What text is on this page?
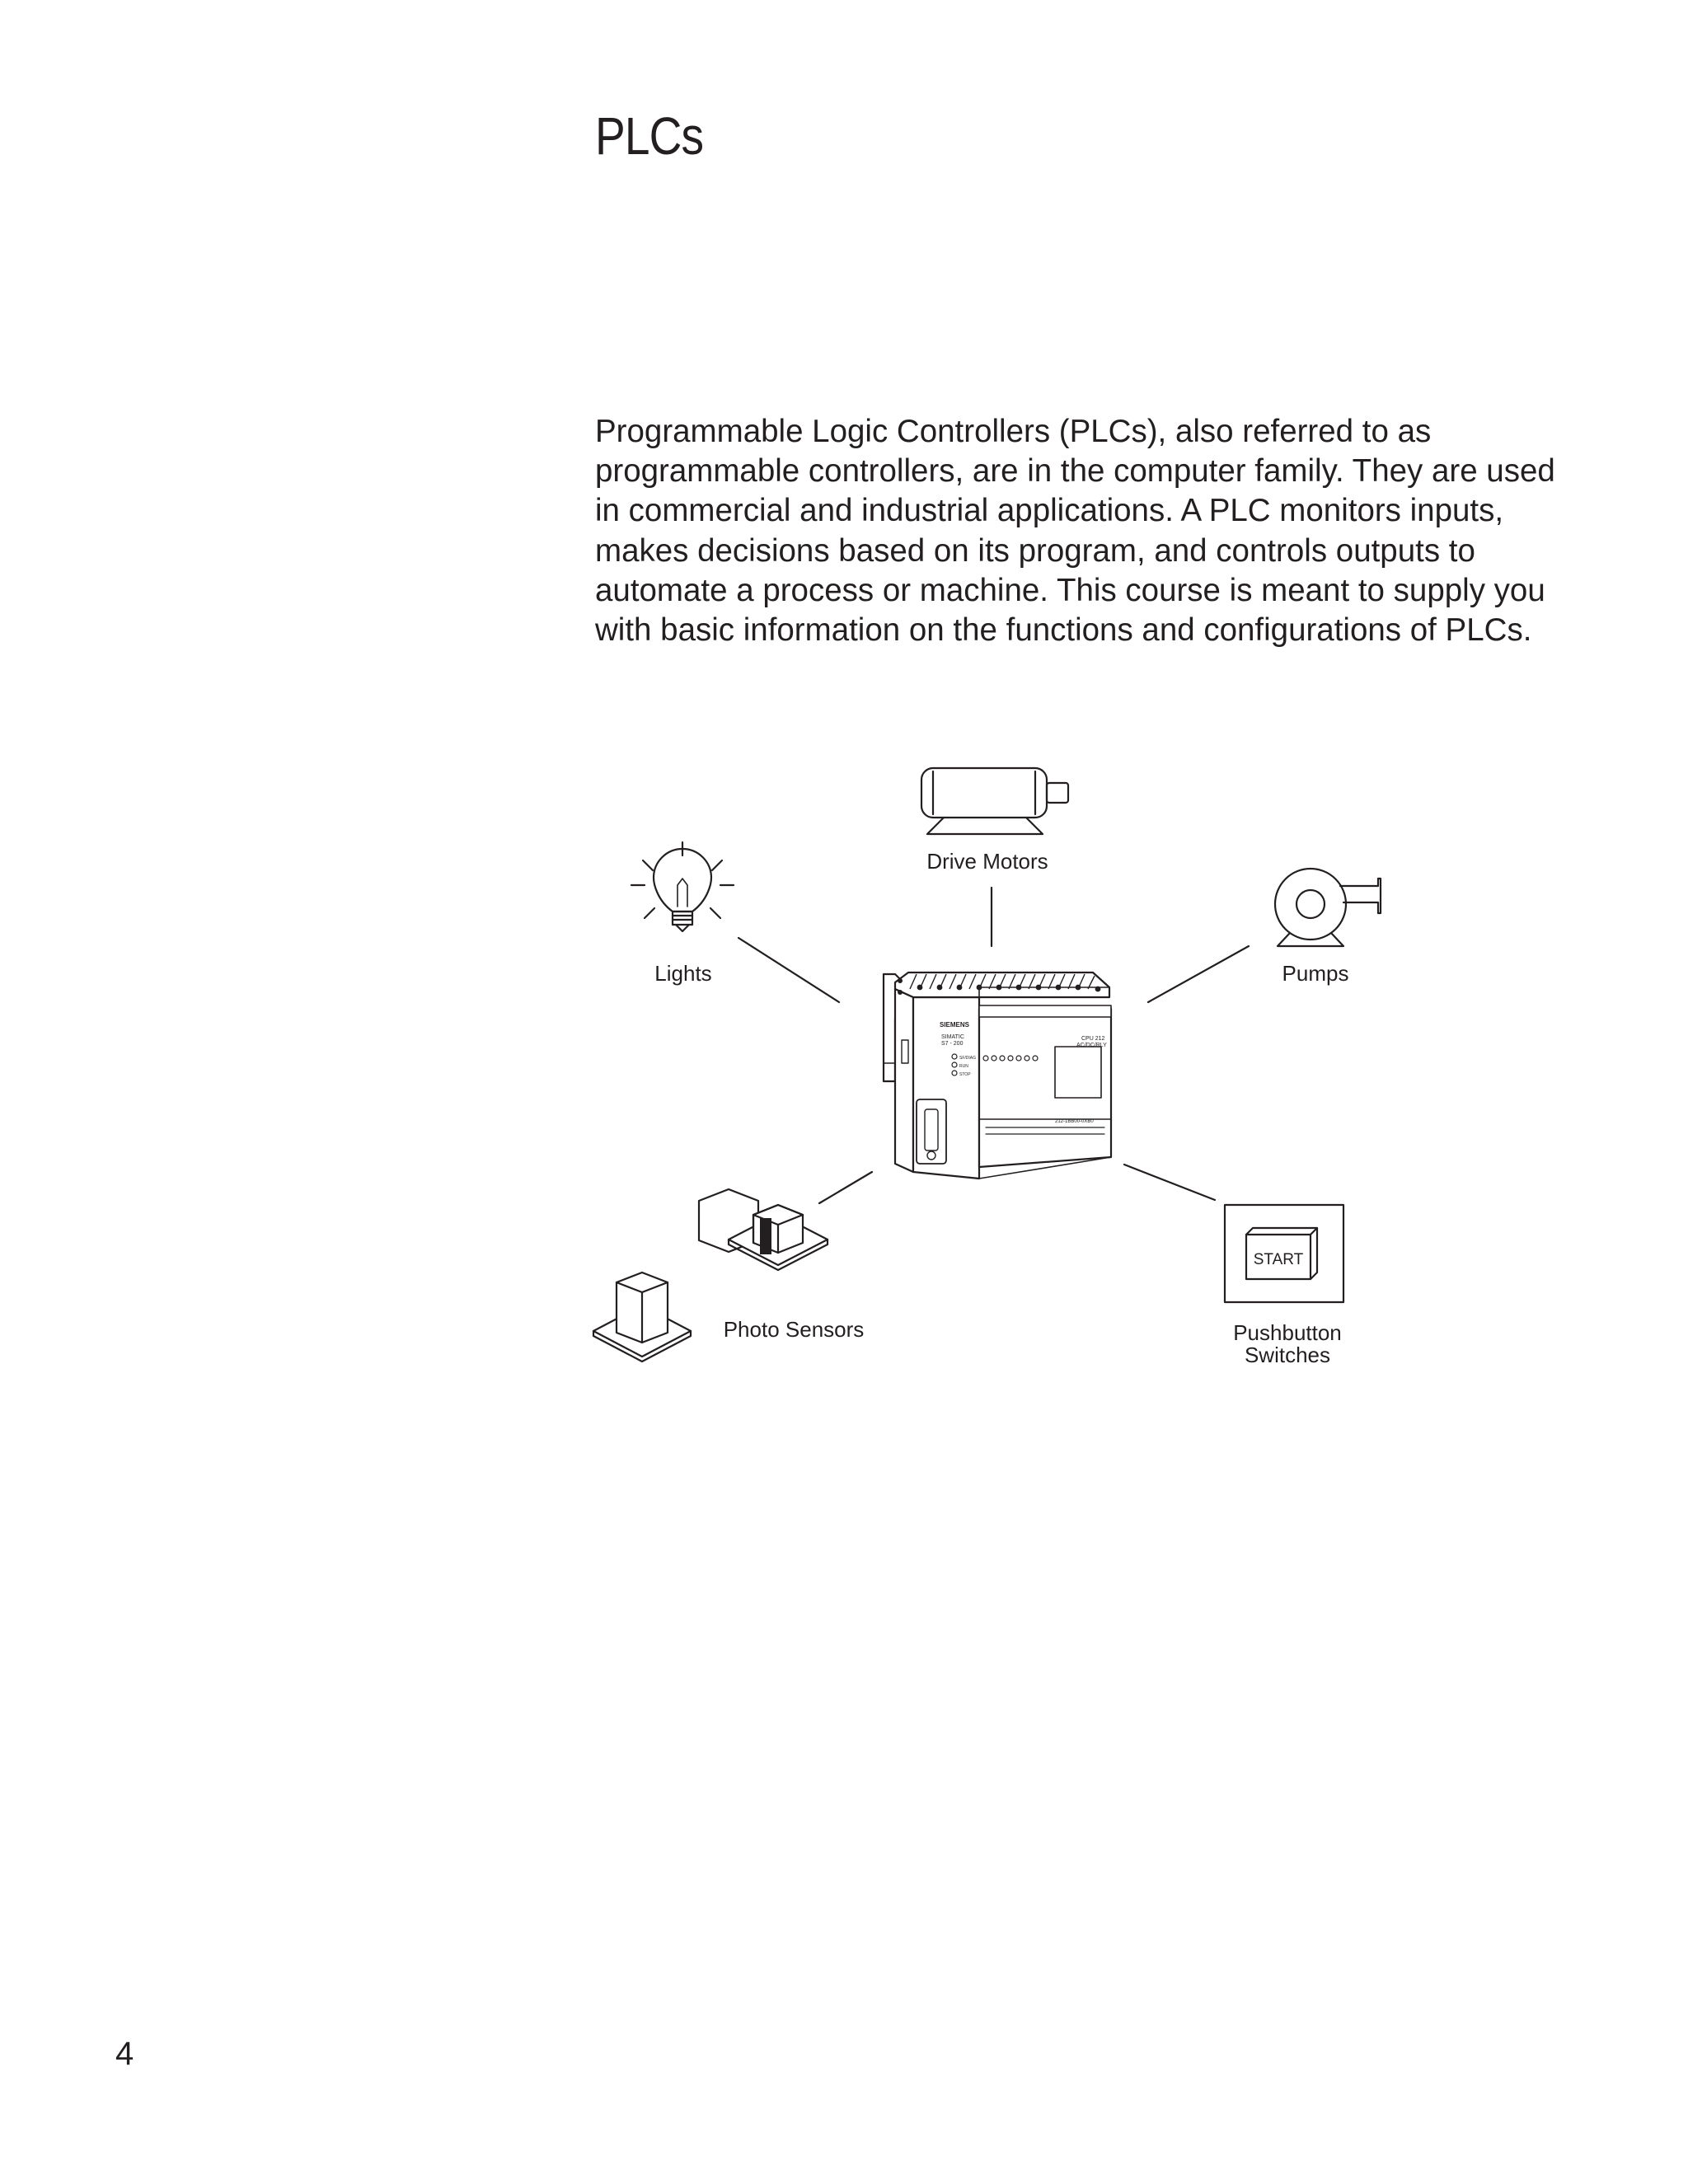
PLCs

Programmable Logic Controllers (PLCs), also referred to as programmable controllers, are in the computer family. They are used in commercial and industrial applications. A PLC monitors inputs, makes decisions based on its program, and controls outputs to automate a process or machine. This course is meant to supply you with basic information on the functions and configurations of PLCs.

SIEMENS
SIMATIC
S7 - 200
SF/DIAG
RUN
STOP
CPU 212
AC/DC/RLY
212-1BB00-0XB0
Drive Motors
Lights	Pumps
Photo Sensors	Pushbutton
Switches
START
4
